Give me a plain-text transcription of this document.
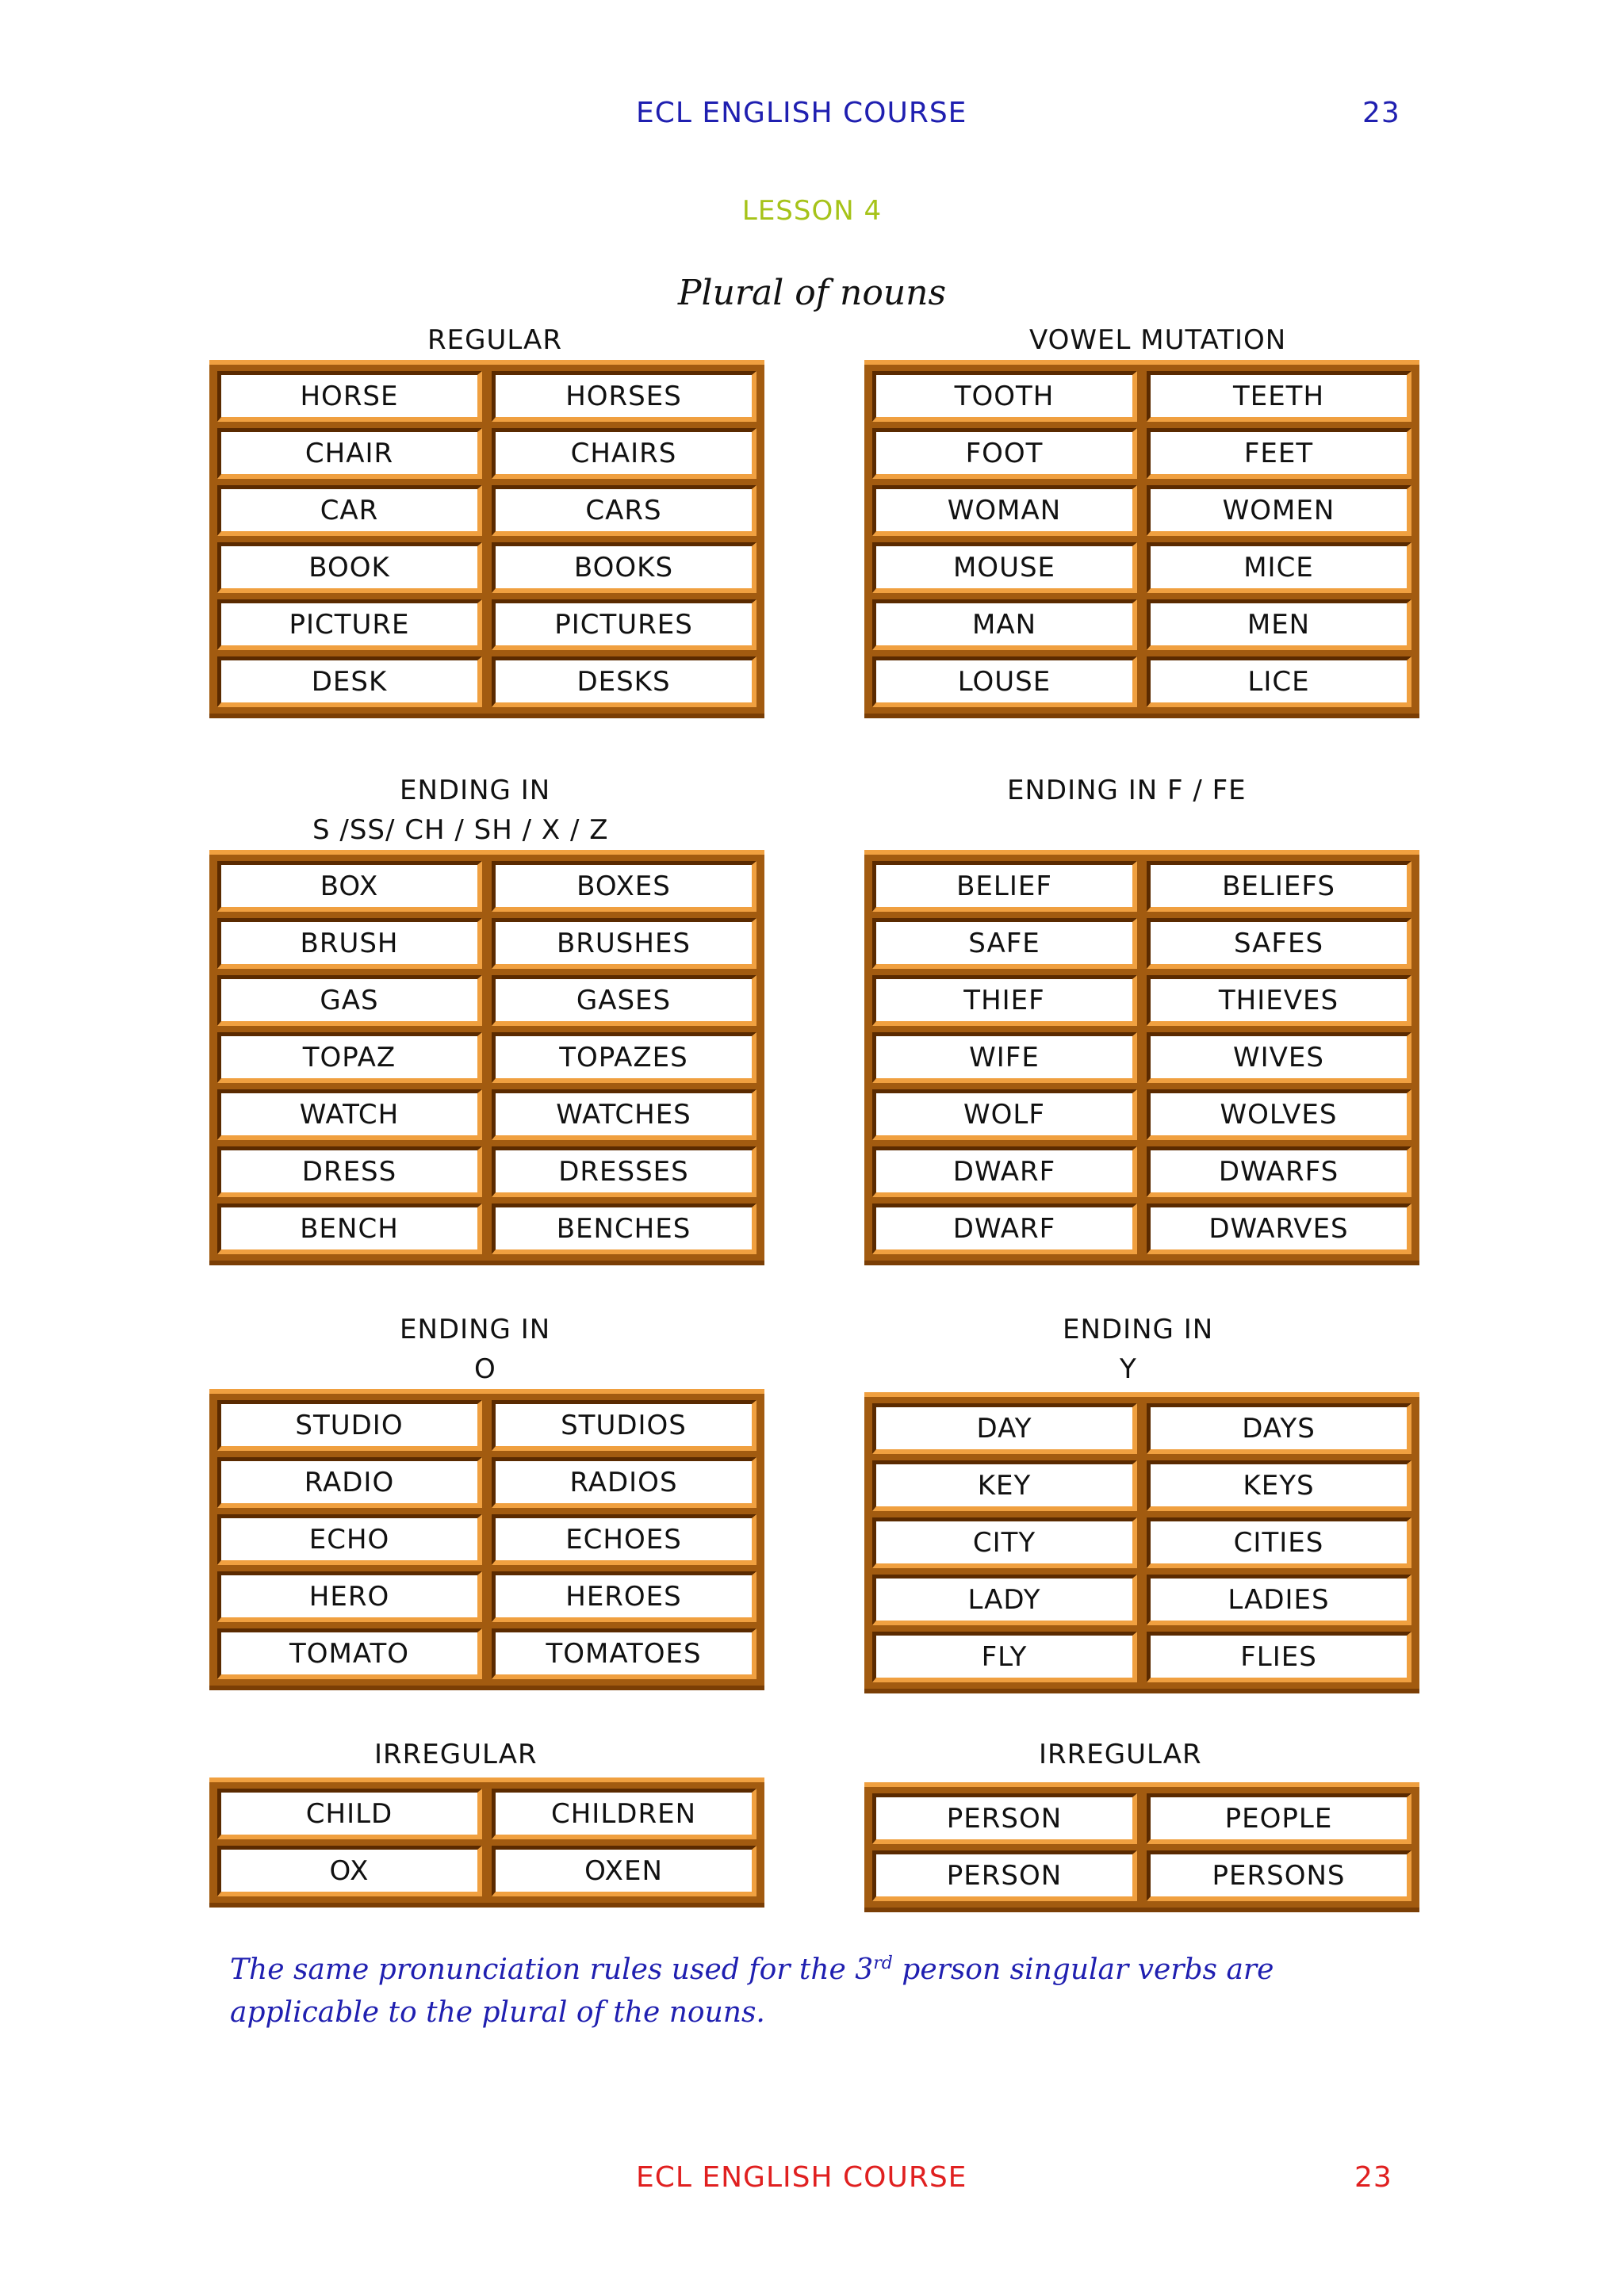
ECL ENGLISH COURSE	23
LESSON 4
Plural of nouns
REGULAR
HORSE	HORSES
CHAIR	CHAIRS
CAR	CARS
BOOK	BOOKS
PICTURE	PICTURES
DESK	DESKS
VOWEL MUTATION
TOOTH	TEETH
FOOT	FEET
WOMAN	WOMEN
MOUSE	MICE
MAN	MEN
LOUSE	LICE
ENDING IN
S /SS/ CH / SH / X / Z
BOX	BOXES
BRUSH	BRUSHES
GAS	GASES
TOPAZ	TOPAZES
WATCH	WATCHES
DRESS	DRESSES
BENCH	BENCHES
ENDING IN F / FE
BELIEF	BELIEFS
SAFE	SAFES
THIEF	THIEVES
WIFE	WIVES
WOLF	WOLVES
DWARF	DWARFS
DWARF	DWARVES
ENDING IN
O
STUDIO	STUDIOS
RADIO	RADIOS
ECHO	ECHOES
HERO	HEROES
TOMATO	TOMATOES
ENDING IN
Y
DAY	DAYS
KEY	KEYS
CITY	CITIES
LADY	LADIES
FLY	FLIES
IRREGULAR
CHILD	CHILDREN
OX	OXEN
IRREGULAR
PERSON	PEOPLE
PERSON	PERSONS
The same pronunciation rules used for the 3rd person singular verbs are applicable to the plural of the nouns.
ECL ENGLISH COURSE	23
